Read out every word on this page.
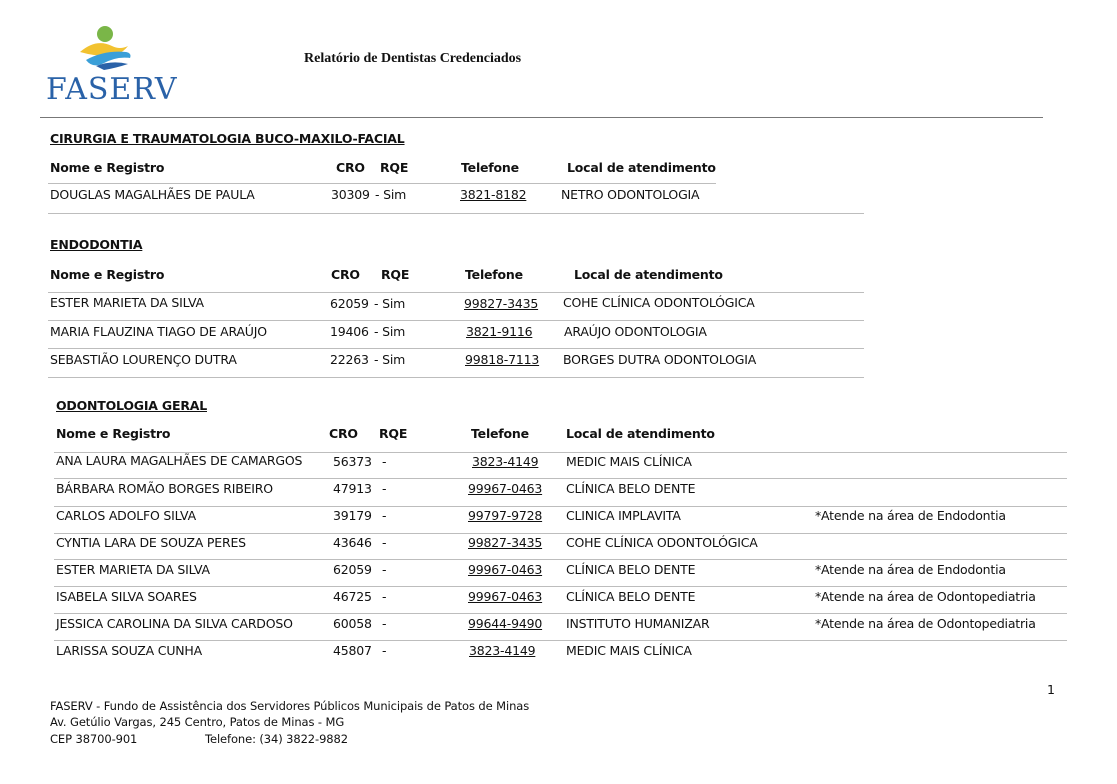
FASERV
Relatório de Dentistas Credenciados
CIRURGIA E TRAUMATOLOGIA BUCO-MAXILO-FACIAL
Nome e Registro	CRO RQE	Telefone	Local de atendimento
DOUGLAS MAGALHÃES DE PAULA	30309 - Sim	3821-8182	NETRO ODONTOLOGIA
ENDODONTIA
Nome e Registro	CRO RQE	Telefone	Local de atendimento
ESTER MARIETA DA SILVA	62059 - Sim	99827-3435 COHE CLÍNICA ODONTOLÓGICA
MARIA FLAUZINA TIAGO DE ARAÚJO	19406 - Sim	3821-9116	ARAÚJO ODONTOLOGIA
SEBASTIÃO LOURENÇO DUTRA	22263 - Sim	99818-7113 BORGES DUTRA ODONTOLOGIA
ODONTOLOGIA GERAL
Nome e Registro	CRO RQE	Telefone	Local de atendimento
ANA LAURA MAGALHÃES DE CAMARGOS 56373 -	3823-4149 MEDIC MAIS CLÍNICA
BÁRBARA ROMÃO BORGES RIBEIRO	47913 -	99967-0463 CLÍNICA BELO DENTE
CARLOS ADOLFO SILVA	39179 -	99797-9728 CLINICA IMPLAVITA	*Atende na área de Endodontia
CYNTIA LARA DE SOUZA PERES	43646 -	99827-3435 COHE CLÍNICA ODONTOLÓGICA
ESTER MARIETA DA SILVA	62059 -	99967-0463 CLÍNICA BELO DENTE	*Atende na área de Endodontia
ISABELA SILVA SOARES	46725 -	99967-0463 CLÍNICA BELO DENTE	*Atende na área de Odontopediatria
JESSICA CAROLINA DA SILVA CARDOSO	60058 -	99644-9490 INSTITUTO HUMANIZAR	*Atende na área de Odontopediatria
LARISSA SOUZA CUNHA	45807 -	3823-4149 MEDIC MAIS CLÍNICA
1
FASERV - Fundo de Assistência dos Servidores Públicos Municipais de Patos de Minas
Av. Getúlio Vargas, 245 Centro, Patos de Minas - MG
CEP 38700-901	Telefone: (34) 3822-9882
